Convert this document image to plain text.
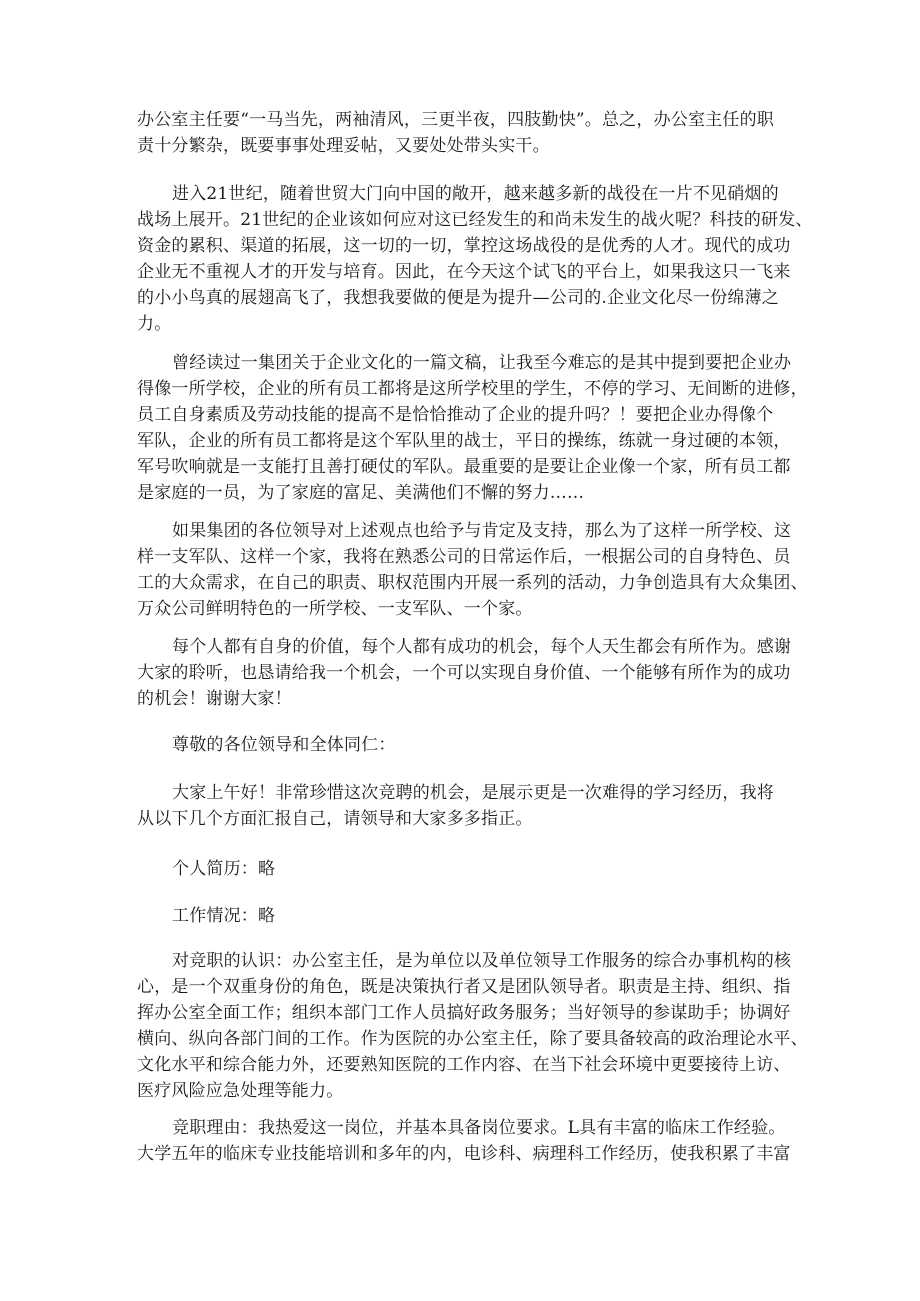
办公室主任要“一马当先，两袖清风，三更半夜，四肢勤快”。总之，办公室主任的职
责十分繁杂，既要事事处理妥帖，又要处处带头实干。
进入21世纪，随着世贸大门向中国的敞开，越来越多新的战役在一片不见硝烟的
战场上展开。21世纪的企业该如何应对这已经发生的和尚未发生的战火呢？科技的研发、
资金的累积、渠道的拓展，这一切的一切，掌控这场战役的是优秀的人才。现代的成功
企业无不重视人才的开发与培育。因此，在今天这个试飞的平台上，如果我这只一飞来
的小小鸟真的展翅高飞了，我想我要做的便是为提升—公司的.企业文化尽一份绵薄之
力。
曾经读过一集团关于企业文化的一篇文稿，让我至今难忘的是其中提到要把企业办
得像一所学校，企业的所有员工都将是这所学校里的学生，不停的学习、无间断的进修，
员工自身素质及劳动技能的提高不是恰恰推动了企业的提升吗？！要把企业办得像个
军队，企业的所有员工都将是这个军队里的战士，平日的操练，练就一身过硬的本领，
军号吹响就是一支能打且善打硬仗的军队。最重要的是要让企业像一个家，所有员工都
是家庭的一员，为了家庭的富足、美满他们不懈的努力……
如果集团的各位领导对上述观点也给予与肯定及支持，那么为了这样一所学校、这
样一支军队、这样一个家，我将在熟悉公司的日常运作后，一根据公司的自身特色、员
工的大众需求，在自己的职责、职权范围内开展一系列的活动，力争创造具有大众集团、
万众公司鲜明特色的一所学校、一支军队、一个家。
每个人都有自身的价值，每个人都有成功的机会，每个人天生都会有所作为。感谢
大家的聆听，也恳请给我一个机会，一个可以实现自身价值、一个能够有所作为的成功
的机会！谢谢大家！
尊敬的各位领导和全体同仁：
大家上午好！非常珍惜这次竞聘的机会，是展示更是一次难得的学习经历，我将
从以下几个方面汇报自己，请领导和大家多多指正。
个人简历：略
工作情况：略
对竞职的认识：办公室主任，是为单位以及单位领导工作服务的综合办事机构的核
心，是一个双重身份的角色，既是决策执行者又是团队领导者。职责是主持、组织、指
挥办公室全面工作；组织本部门工作人员搞好政务服务；当好领导的参谋助手；协调好
横向、纵向各部门间的工作。作为医院的办公室主任，除了要具备较高的政治理论水平、
文化水平和综合能力外，还要熟知医院的工作内容、在当下社会环境中更要接待上访、
医疗风险应急处理等能力。
竞职理由：我热爱这一岗位，并基本具备岗位要求。L具有丰富的临床工作经验。
大学五年的临床专业技能培训和多年的内，电诊科、病理科工作经历，使我积累了丰富
